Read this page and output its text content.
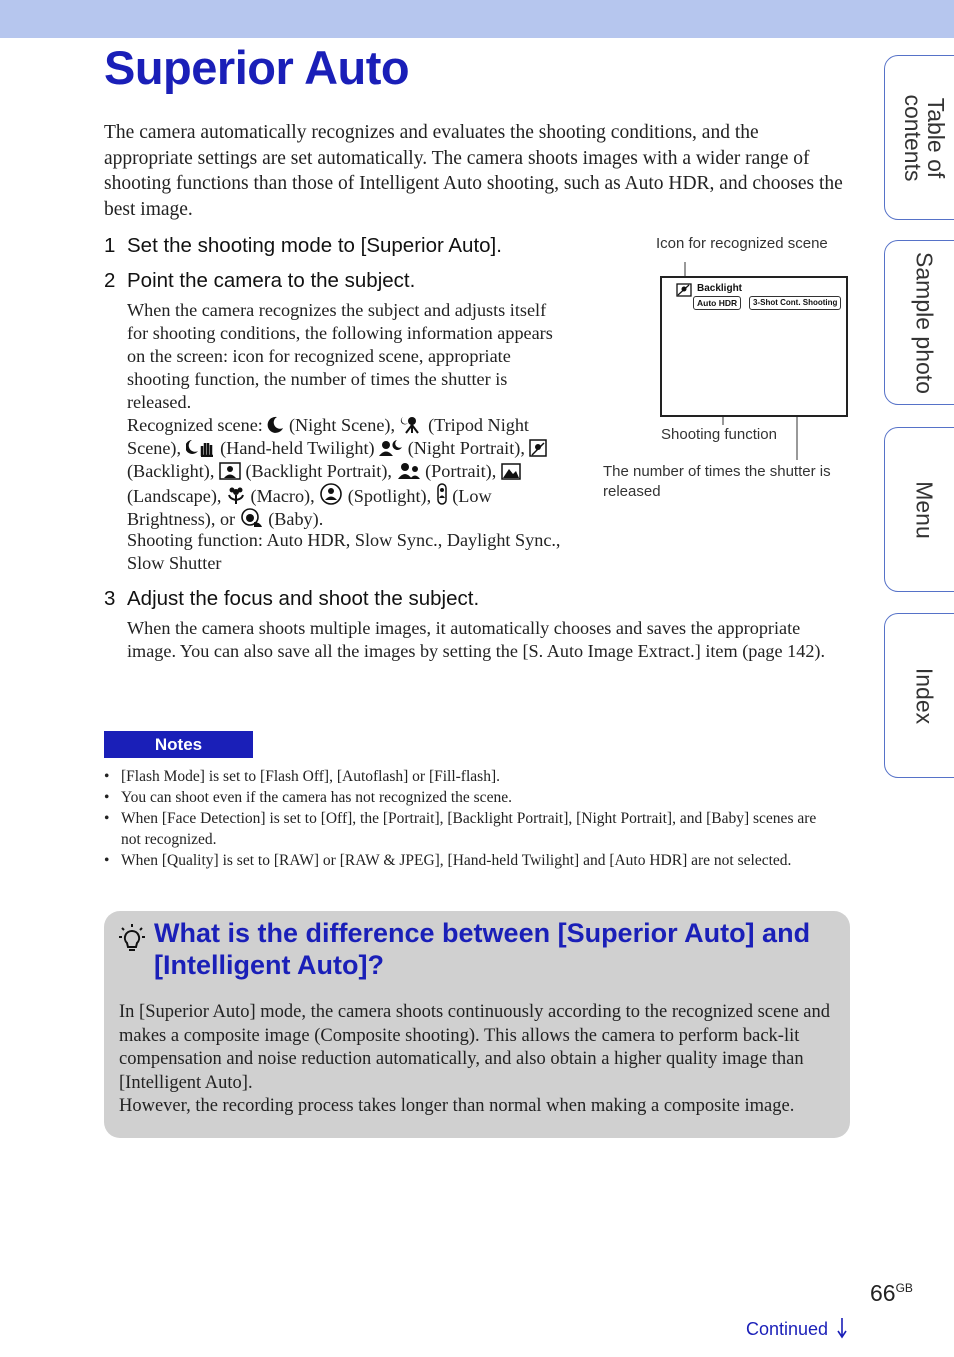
Superior Auto

The camera automatically recognizes and evaluates the shooting conditions, and the appropriate settings are set automatically. The camera shoots images with a wider range of shooting functions than those of Intelligent Auto shooting, such as Auto HDR, and chooses the best image.

1 Set the shooting mode to [Superior Auto].
2 Point the camera to the subject.

When the camera recognizes the subject and adjusts itself for shooting conditions, the following information appears on the screen: icon for recognized scene, appropriate shooting function, the number of times the shutter is released.

Recognized scene: (Night Scene), (Tripod Night Scene), (Hand-held Twilight) (Night Portrait),  (Backlight), (Backlight Portrait), (Portrait),  (Landscape), (Macro), (Spotlight), (Low Brightness), or (Baby).

Shooting function: Auto HDR, Slow Sync., Daylight Sync., Slow Shutter

Icon for recognized scene
Backlight
Auto HDR	3-Shot Cont. Shooting
Shooting function
The number of times the shutter is released
3 Adjust the focus and shoot the subject.

When the camera shoots multiple images, it automatically chooses and saves the appropriate image. You can also save all the images by setting the [S. Auto Image Extract.] item (page 142).

Notes
• [Flash Mode] is set to [Flash Off], [Autoflash] or [Fill-flash].
• You can shoot even if the camera has not recognized the scene.
• When [Face Detection] is set to [Off], the [Portrait], [Backlight Portrait], [Night Portrait], and [Baby] scenes are not recognized.
• When [Quality] is set to [RAW] or [RAW & JPEG], [Hand-held Twilight] and [Auto HDR] are not selected.
What is the difference between [Superior Auto] and [Intelligent Auto]?

In [Superior Auto] mode, the camera shoots continuously according to the recognized scene and makes a composite image (Composite shooting). This allows the camera to perform back-lit compensation and noise reduction automatically, and also obtain a higher quality image than [Intelligent Auto].
However, the recording process takes longer than normal when making a composite image.

Table of contents
Sample photo
Menu
Index
$66^{GB}$
Continued
